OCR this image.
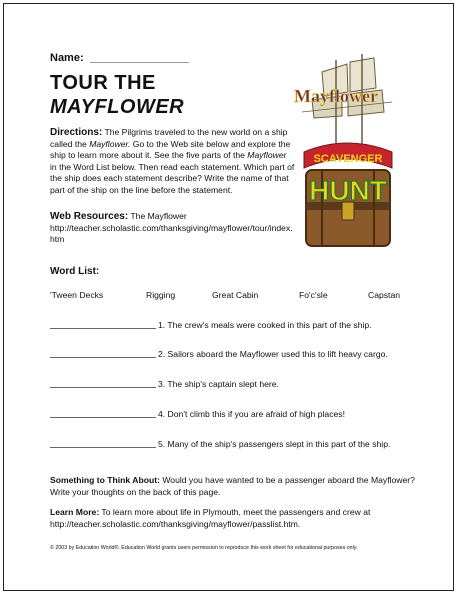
Name:
TOUR THE
MAYFLOWER
Directions: The Pilgrims traveled to the new world on a ship called the Mayflower. Go to the Web site below and explore the ship to learn more about it. See the five parts of the Mayflower in the Word List below. Then read each statement. Which part of the ship does each statement describe? Write the name of that part of the ship on the line before the statement.
Web Resources: The Mayflower
http://teacher.scholastic.com/thanksgiving/mayflower/tour/index.htm
Mayflower
SCAVENGER
HUNT
Word List:
'Tween Decks	Rigging	Great Cabin	Fo'c'sle	Capstan
1. The crew's meals were cooked in this part of the ship.
2. Sailors aboard the Mayflower used this to lift heavy cargo.
3. The ship's captain slept here.
4. Don't climb this if you are afraid of high places!
5. Many of the ship's passengers slept in this part of the ship.
Something to Think About: Would you have wanted to be a passenger aboard the Mayflower? Write your thoughts on the back of this page.
Learn More: To learn more about life in Plymouth, meet the passengers and crew at http://teacher.scholastic.com/thanksgiving/mayflower/passlist.htm.
© 2003 by Education World®. Education World grants users permission to reproduce this work sheet for educational purposes only.
